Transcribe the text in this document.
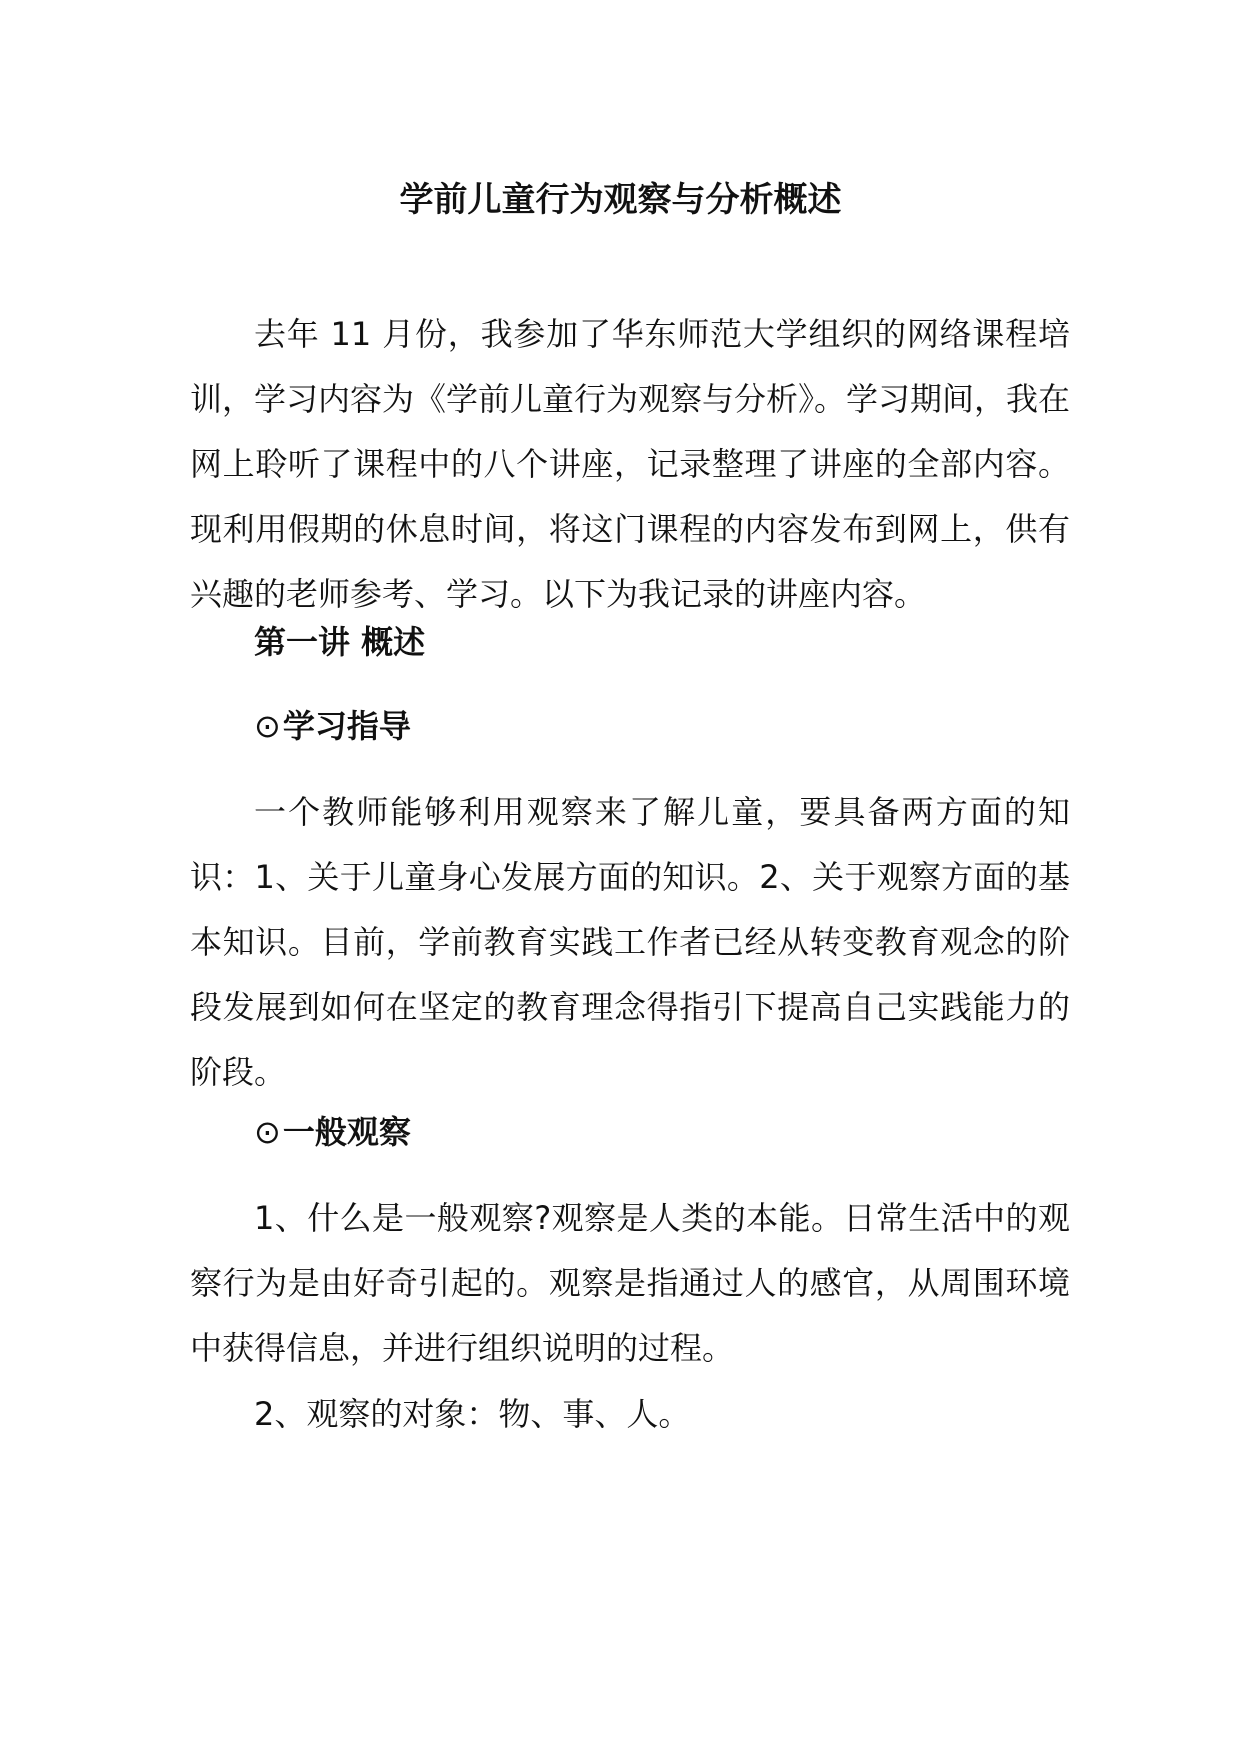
学前儿童行为观察与分析概述

去年 11 月份，我参加了华东师范大学组织的网络课程培训，学习内容为《学前儿童行为观察与分析》。学习期间，我在网上聆听了课程中的八个讲座，记录整理了讲座的全部内容。现利用假期的休息时间，将这门课程的内容发布到网上，供有兴趣的老师参考、学习。以下为我记录的讲座内容。

第一讲 概述
⊙学习指导

一个教师能够利用观察来了解儿童，要具备两方面的知识：1、关于儿童身心发展方面的知识。2、关于观察方面的基本知识。目前，学前教育实践工作者已经从转变教育观念的阶段发展到如何在坚定的教育理念得指引下提高自己实践能力的阶段。

⊙一般观察

1、什么是一般观察?观察是人类的本能。日常生活中的观察行为是由好奇引起的。观察是指通过人的感官，从周围环境中获得信息，并进行组织说明的过程。

2、观察的对象：物、事、人。
